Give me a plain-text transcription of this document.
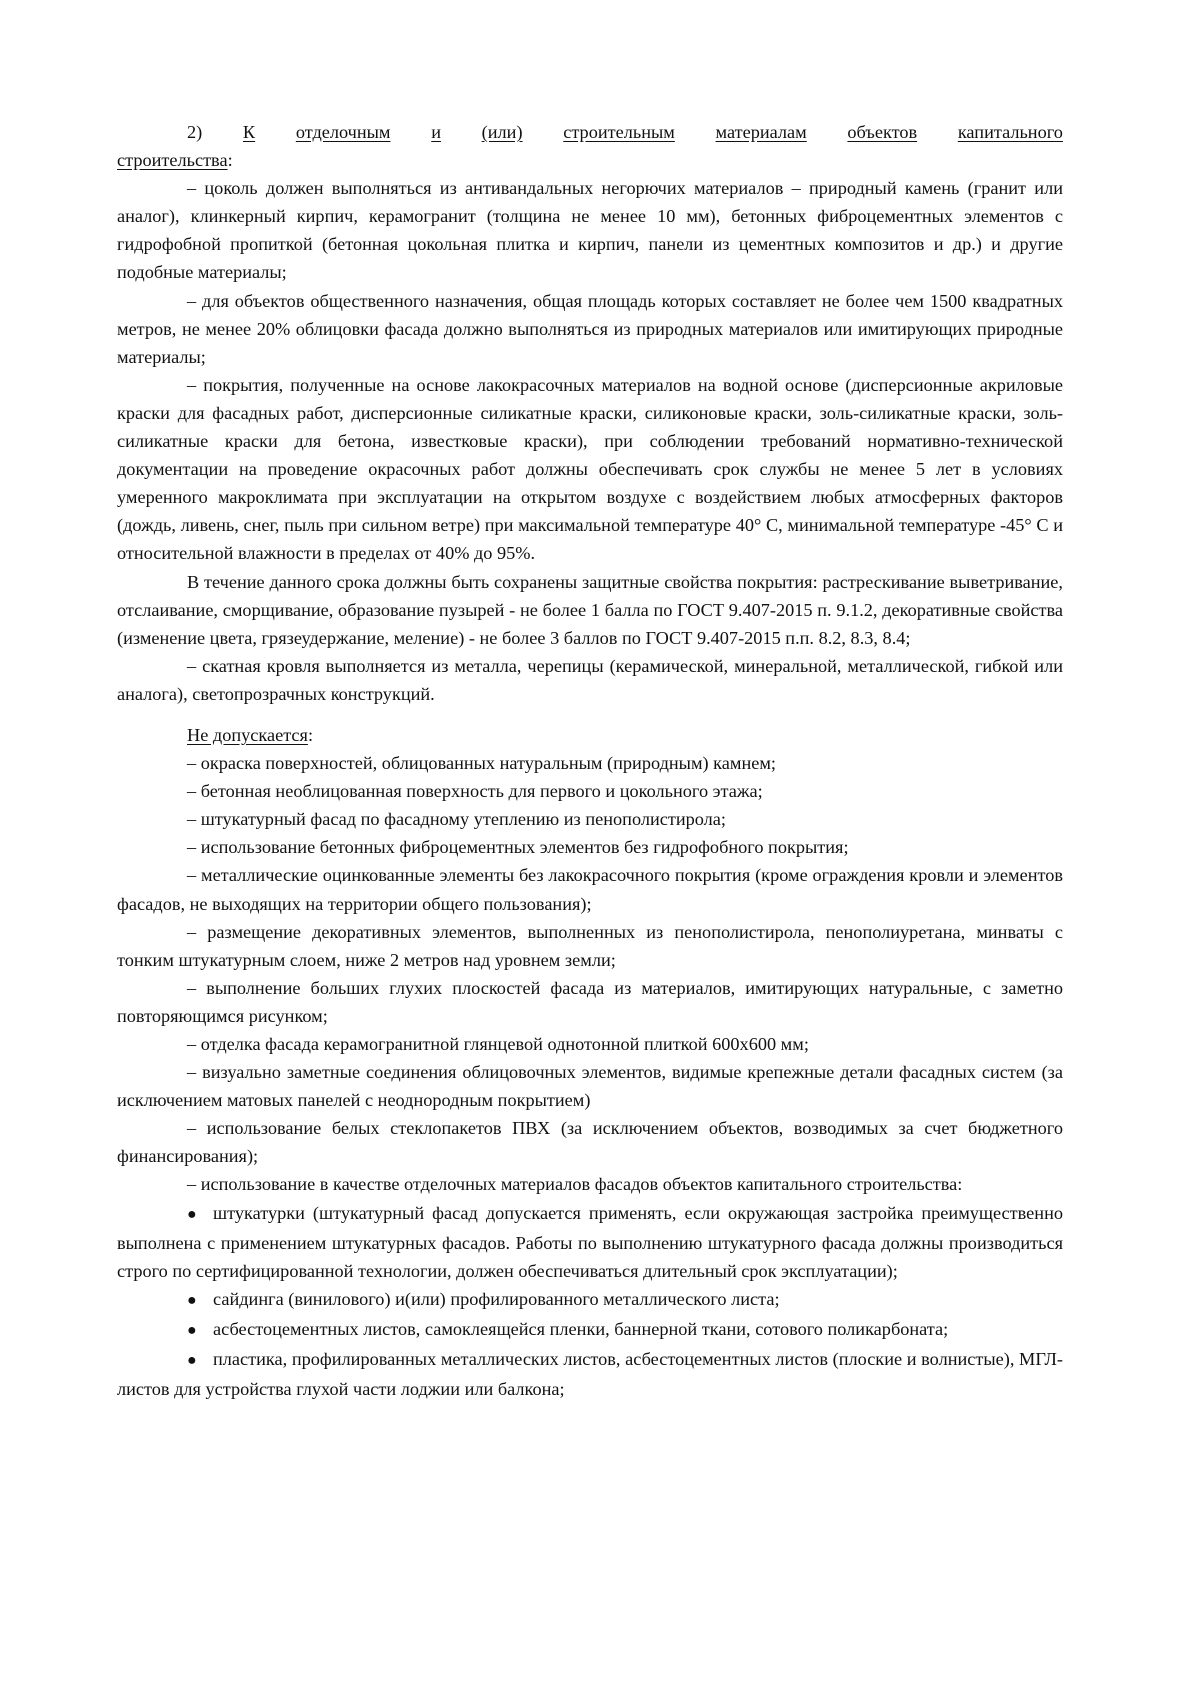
2) К отделочным и (или) строительным материалам объектов капитального

строительства:

– цоколь должен выполняться из антивандальных негорючих материалов – природный камень (гранит или аналог), клинкерный кирпич, керамогранит (толщина не менее 10 мм), бетонных фиброцементных элементов с гидрофобной пропиткой (бетонная цокольная плитка и кирпич, панели из цементных композитов и др.) и другие подобные материалы;

– для объектов общественного назначения, общая площадь которых составляет не более чем 1500 квадратных метров, не менее 20% облицовки фасада должно выполняться из природных материалов или имитирующих природные материалы;

– покрытия, полученные на основе лакокрасочных материалов на водной основе (дисперсионные акриловые краски для фасадных работ, дисперсионные силикатные краски, силиконовые краски, золь-силикатные краски, золь-силикатные краски для бетона, известковые краски), при соблюдении требований нормативно-технической документации на проведение окрасочных работ должны обеспечивать срок службы не менее 5 лет в условиях умеренного макроклимата при эксплуатации на открытом воздухе с воздействием любых атмосферных факторов (дождь, ливень, снег, пыль при сильном ветре) при максимальной температуре 40° С, минимальной температуре -45° С и относительной влажности в пределах от 40% до 95%.

В течение данного срока должны быть сохранены защитные свойства покрытия: растрескивание выветривание, отслаивание, сморщивание, образование пузырей - не более 1 балла по ГОСТ 9.407-2015 п. 9.1.2, декоративные свойства (изменение цвета, грязеудержание, меление) - не более 3 баллов по ГОСТ 9.407-2015 п.п. 8.2, 8.3, 8.4;

– скатная кровля выполняется из металла, черепицы (керамической, минеральной, металлической, гибкой или аналога), светопрозрачных конструкций.

Не допускается:

– окраска поверхностей, облицованных натуральным (природным) камнем;

– бетонная необлицованная поверхность для первого и цокольного этажа;

– штукатурный фасад по фасадному утеплению из пенополистирола;

– использование бетонных фиброцементных элементов без гидрофобного покрытия;

– металлические оцинкованные элементы без лакокрасочного покрытия (кроме ограждения кровли и элементов фасадов, не выходящих на территории общего пользования);

– размещение декоративных элементов, выполненных из пенополистирола, пенополиуретана, минваты с тонким штукатурным слоем, ниже 2 метров над уровнем земли;

– выполнение больших глухих плоскостей фасада из материалов, имитирующих натуральные, с заметно повторяющимся рисунком;

– отделка фасада керамогранитной глянцевой однотонной плиткой 600х600 мм;

– визуально заметные соединения облицовочных элементов, видимые крепежные детали фасадных систем (за исключением матовых панелей с неоднородным покрытием)

– использование белых стеклопакетов ПВХ (за исключением объектов, возводимых за счет бюджетного финансирования);

– использование в качестве отделочных материалов фасадов объектов капитального строительства:

● штукатурки (штукатурный фасад допускается применять, если окружающая застройка преимущественно выполнена с применением штукатурных фасадов. Работы по выполнению штукатурного фасада должны производиться строго по сертифицированной технологии, должен обеспечиваться длительный срок эксплуатации);

● сайдинга (винилового) и(или) профилированного металлического листа;

● асбестоцементных листов, самоклеящейся пленки, баннерной ткани, сотового поликарбоната;

● пластика, профилированных металлических листов, асбестоцементных листов (плоские и волнистые), МГЛ-листов для устройства глухой части лоджии или балкона;
